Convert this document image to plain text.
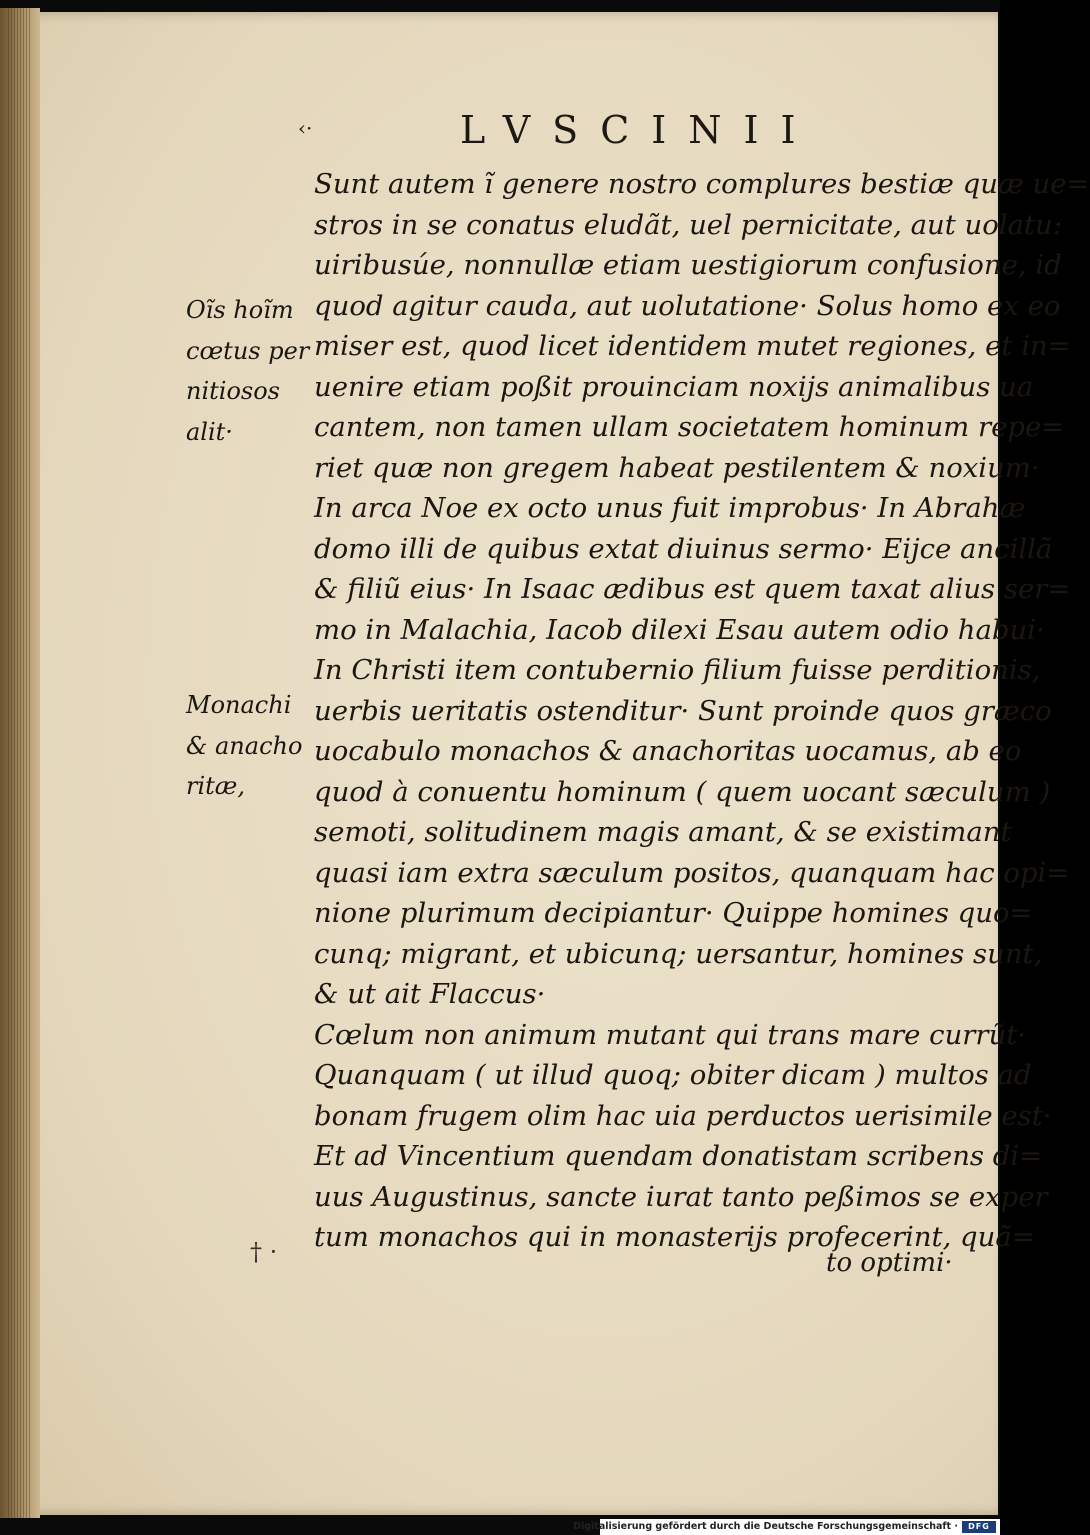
‹·	LVSCINII
Oĩs hoĩm
cœtus per
nitiosos
alit·
Monachi
& anacho
ritæ,
Sunt autem ĩ genere nostro complures bestiæ quæ ue=
stros in se conatus eludãt, uel pernicitate, aut uolatu:
uiribusúe, nonnullæ etiam uestigiorum confusione, id
quod agitur cauda, aut uolutatione· Solus homo ex eo
miser est, quod licet identidem mutet regiones, et in=
uenire etiam poßit prouinciam noxijs animalibus ua
cantem, non tamen ullam societatem hominum repe=
riet quæ non gregem habeat pestilentem & noxium·
In arca Noe ex octo unus fuit improbus· In Abrahæ
domo illi de quibus extat diuinus sermo· Eijce ancillã
& filiũ eius· In Isaac ædibus est quem taxat alius ser=
mo in Malachia, Iacob dilexi Esau autem odio habui·
In Christi item contubernio filium fuisse perditionis,
uerbis ueritatis ostenditur· Sunt proinde quos græco
uocabulo monachos & anachoritas uocamus, ab eo
quod à conuentu hominum ( quem uocant sæculum )
semoti, solitudinem magis amant, & se existimant
quasi iam extra sæculum positos, quanquam hac opi=
nione plurimum decipiantur· Quippe homines quo=
cunq; migrant, et ubicunq; uersantur, homines sunt,
& ut ait Flaccus·
Cœlum non animum mutant qui trans mare currũt·
Quanquam ( ut illud quoq; obiter dicam ) multos ad
bonam frugem olim hac uia perductos uerisimile est·
Et ad Vincentium quendam donatistam scribens di=
uus Augustinus, sancte iurat tanto peßimos se exper
tum monachos qui in monasterijs profecerint, quã=
† ·	to optimi·
Digitalisierung gefördert durch die Deutsche Forschungsgemeinschaft ·	DFG
